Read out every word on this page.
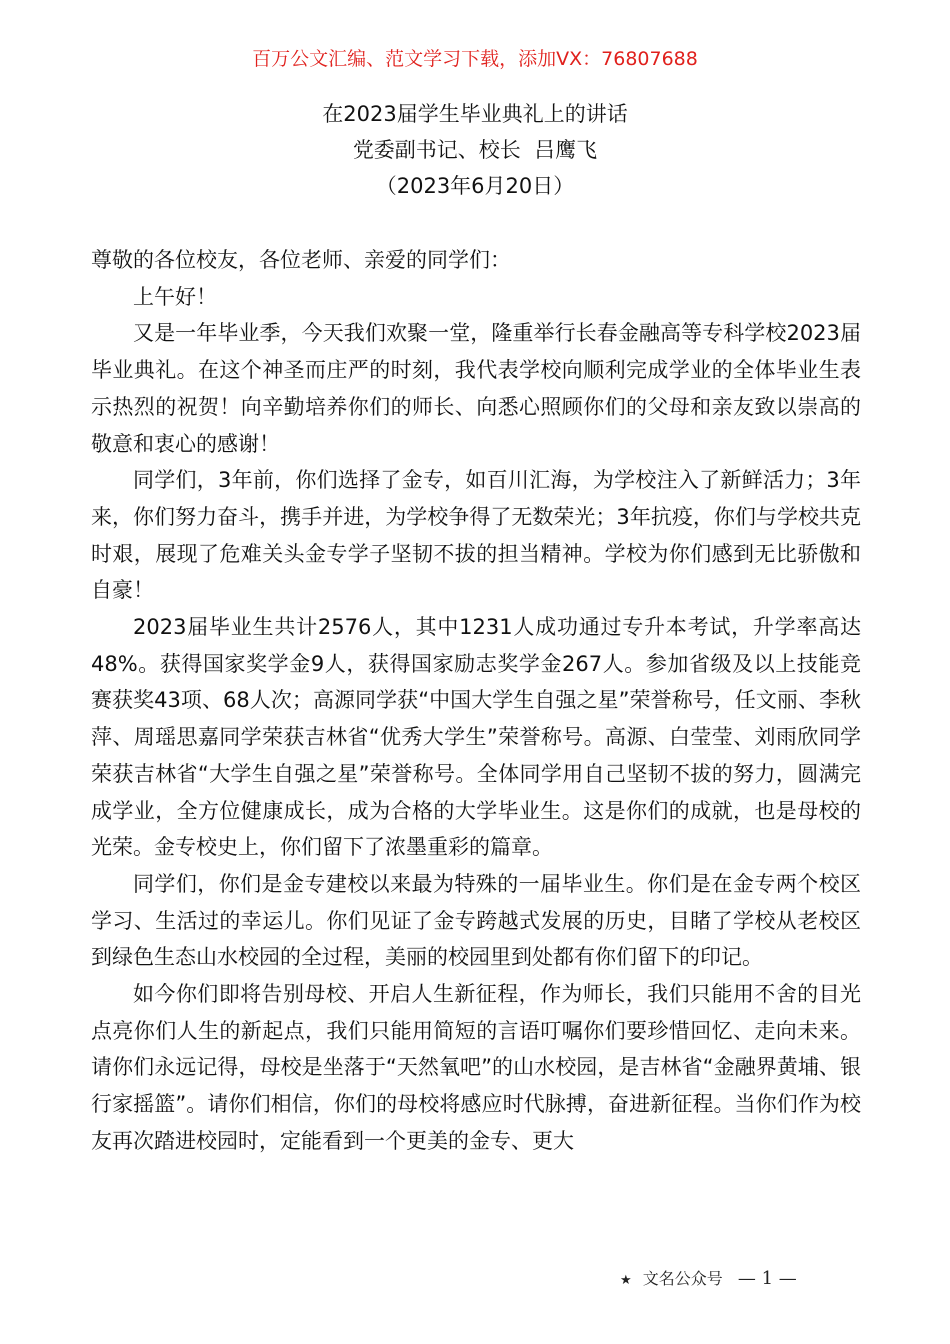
百万公文汇编、范文学习下载，添加VX：76807688
在2023届学生毕业典礼上的讲话
党委副书记、校长  吕鹰飞
（2023年6月20日）

尊敬的各位校友，各位老师、亲爱的同学们：

上午好！

又是一年毕业季，今天我们欢聚一堂，隆重举行长春金融高等专科学校2023届毕业典礼。在这个神圣而庄严的时刻，我代表学校向顺利完成学业的全体毕业生表示热烈的祝贺！向辛勤培养你们的师长、向悉心照顾你们的父母和亲友致以崇高的敬意和衷心的感谢！

同学们，3年前，你们选择了金专，如百川汇海，为学校注入了新鲜活力；3年来，你们努力奋斗，携手并进，为学校争得了无数荣光；3年抗疫，你们与学校共克时艰，展现了危难关头金专学子坚韧不拔的担当精神。学校为你们感到无比骄傲和自豪！

2023届毕业生共计2576人，其中1231人成功通过专升本考试，升学率高达48%。获得国家奖学金9人，获得国家励志奖学金267人。参加省级及以上技能竞赛获奖43项、68人次；高源同学获“中国大学生自强之星”荣誉称号，任文丽、李秋萍、周瑶思嘉同学荣获吉林省“优秀大学生”荣誉称号。高源、白莹莹、刘雨欣同学荣获吉林省“大学生自强之星”荣誉称号。全体同学用自己坚韧不拔的努力，圆满完成学业，全方位健康成长，成为合格的大学毕业生。这是你们的成就，也是母校的光荣。金专校史上，你们留下了浓墨重彩的篇章。

同学们，你们是金专建校以来最为特殊的一届毕业生。你们是在金专两个校区学习、生活过的幸运儿。你们见证了金专跨越式发展的历史，目睹了学校从老校区到绿色生态山水校园的全过程，美丽的校园里到处都有你们留下的印记。

如今你们即将告别母校、开启人生新征程，作为师长，我们只能用不舍的目光点亮你们人生的新起点，我们只能用简短的言语叮嘱你们要珍惜回忆、走向未来。请你们永远记得，母校是坐落于“天然氧吧”的山水校园，是吉林省“金融界黄埔、银行家摇篮”。请你们相信，你们的母校将感应时代脉搏，奋进新征程。当你们作为校友再次踏进校园时，定能看到一个更美的金专、更大

★ 文名公众号 — 1 —
